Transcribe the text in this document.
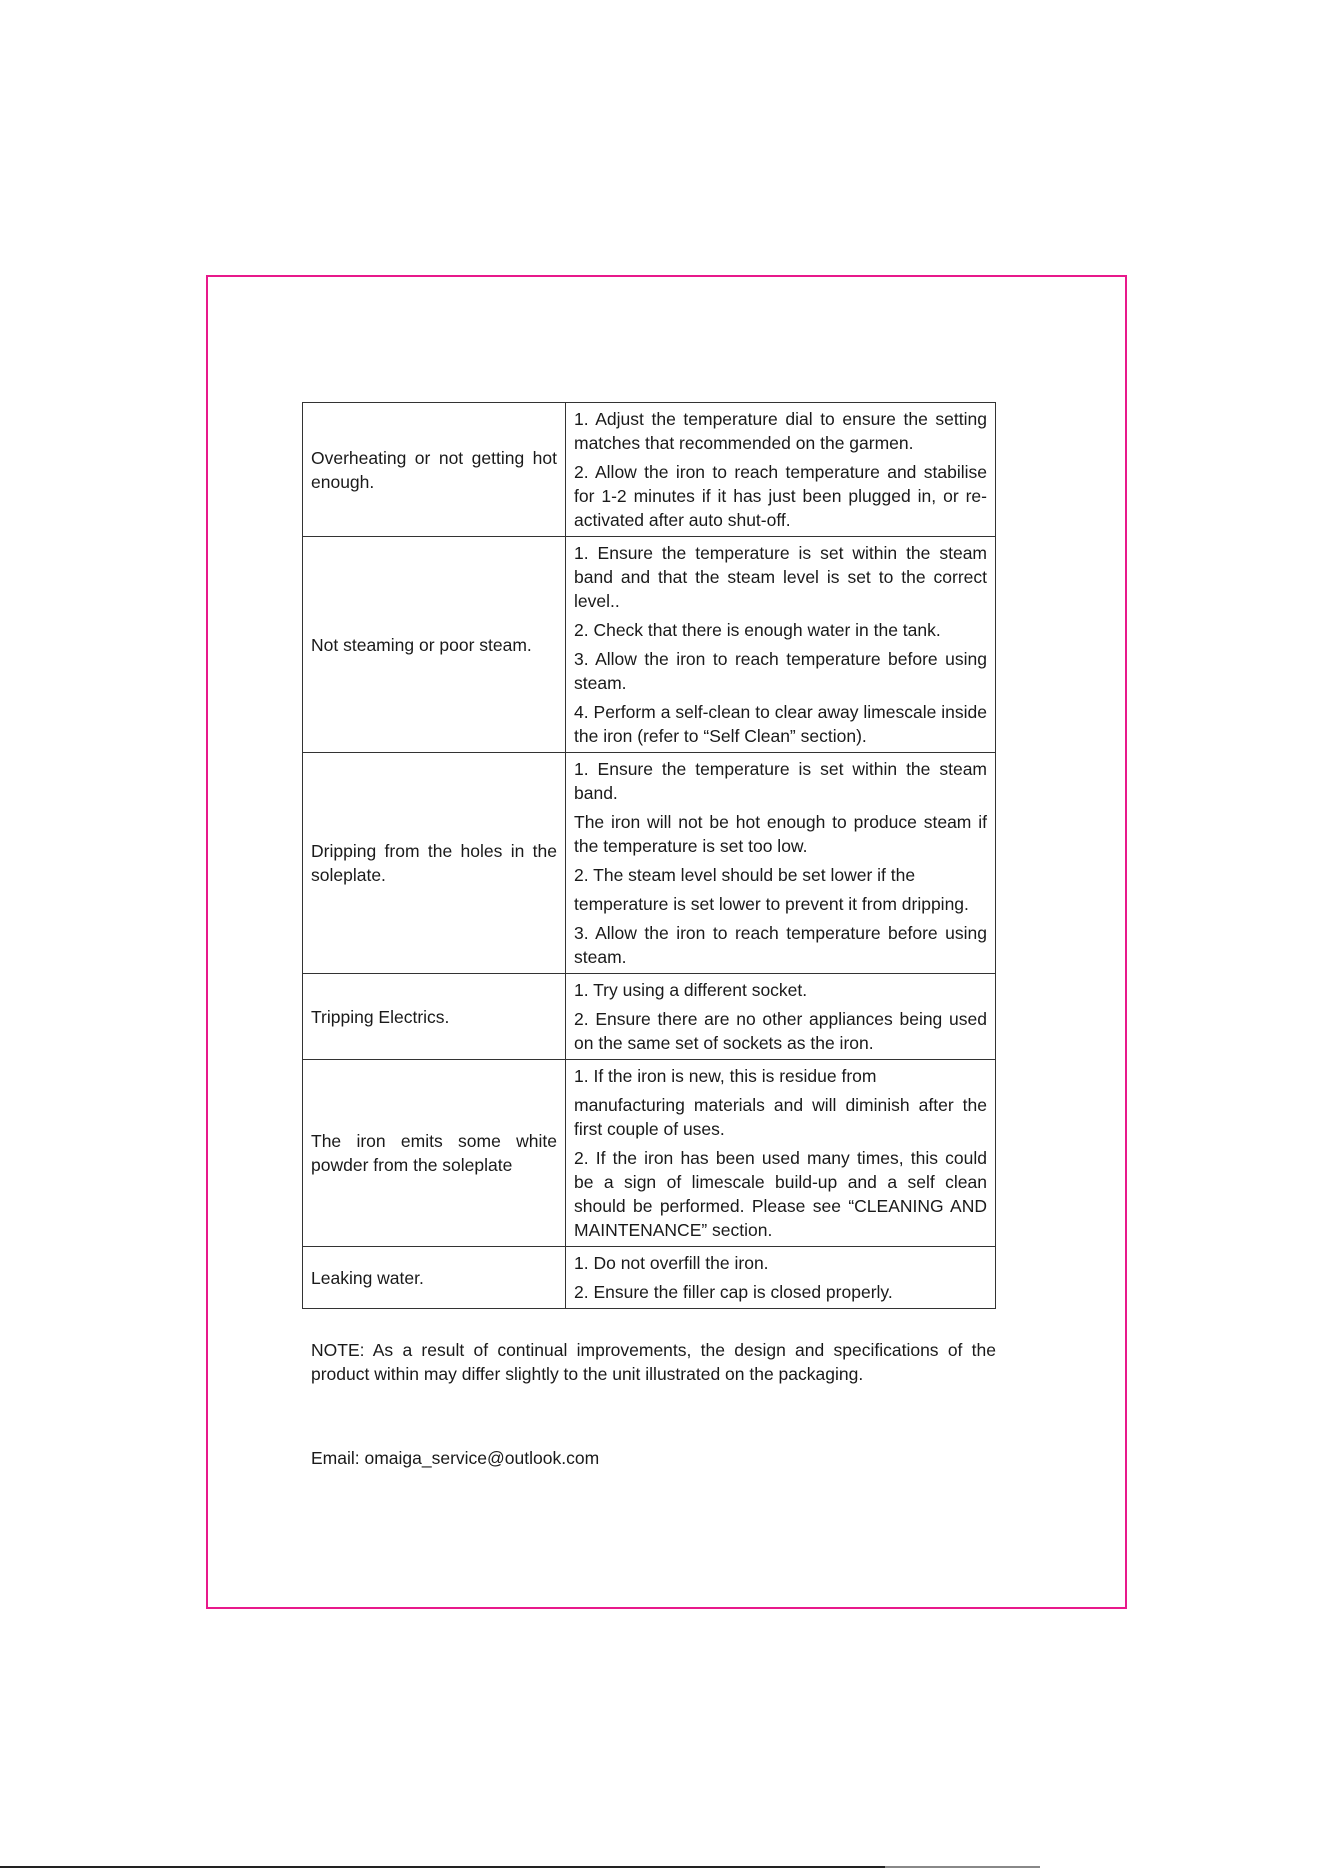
Overheating or not getting hot enough.	1. Adjust the temperature dial to ensure the setting matches that recommended on the garmen.

2. Allow the iron to reach temperature and stabilise for 1-2 minutes if it has just been plugged in, or re-activated after auto shut-off.

Not steaming or poor steam.	1. Ensure the temperature is set within the steam band and that the steam level is set to the correct level..

2. Check that there is enough water in the tank.

3. Allow the iron to reach temperature before using steam.

4. Perform a self-clean to clear away limescale inside the iron (refer to “Self Clean” section).

Dripping from the holes in the soleplate.	1. Ensure the temperature is set within the steam band.

The iron will not be hot enough to produce steam if the temperature is set too low.

2. The steam level should be set lower if the

temperature is set lower to prevent it from dripping.

3. Allow the iron to reach temperature before using steam.

Tripping Electrics.	1. Try using a different socket.

2. Ensure there are no other appliances being used on the same set of sockets as the iron.

The iron emits some white powder from the soleplate	1. If the iron is new, this is residue from

manufacturing materials and will diminish after the first couple of uses.

2. If the iron has been used many times, this could be a sign of limescale build-up and a self clean should be performed. Please see “CLEANING AND MAINTENANCE” section.

Leaking water.	1. Do not overfill the iron.

2. Ensure the filler cap is closed properly.

NOTE: As a result of continual improvements, the design and specifications of the product within may differ slightly to the unit illustrated on the packaging.

Email: omaiga_service@outlook.com
